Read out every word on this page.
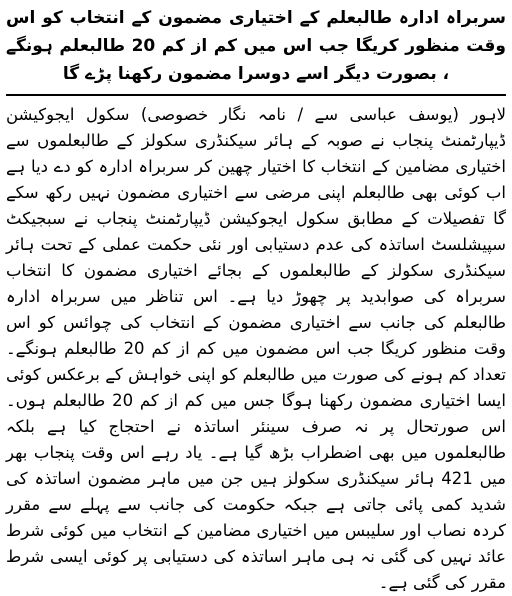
سربراہ ادارہ طالبعلم کے اختیاری مضمون کے انتخاب کو اس وقت منظور کریگا جب اس میں کم از کم 20 طالبعلم ہونگے ، بصورت دیگر اسے دوسرا مضمون رکھنا پڑے گا

لاہور (یوسف عباسی سے / نامہ نگار خصوصی) سکول ایجوکیشن ڈیپارٹمنٹ پنجاب نے صوبہ کے ہائر سیکنڈری سکولز کے طالبعلموں سے اختیاری مضامین کے انتخاب کا اختیار چھین کر سربراہ ادارہ کو دے دیا ہے اب کوئی بھی طالبعلم اپنی مرضی سے اختیاری مضمون نہیں رکھ سکے گا تفصیلات کے مطابق سکول ایجوکیشن ڈیپارٹمنٹ پنجاب نے سبجیکٹ سپیشلسٹ اساتذہ کی عدم دستیابی اور نئی حکمت عملی کے تحت ہائر سیکنڈری سکولز کے طالبعلموں کے بجائے اختیاری مضمون کا انتخاب سربراہ کی صوابدید پر چھوڑ دیا ہے۔ اس تناظر میں سربراہ ادارہ طالبعلم کی جانب سے اختیاری مضمون کے انتخاب کی چوائس کو اس وقت منظور کریگا جب اس مضمون میں کم از کم 20 طالبعلم ہونگے۔ تعداد کم ہونے کی صورت میں طالبعلم کو اپنی خواہش کے برعکس کوئی ایسا اختیاری مضمون رکھنا ہوگا جس میں کم از کم 20 طالبعلم ہوں۔ اس صورتحال پر نہ صرف سینئر اساتذہ نے احتجاج کیا ہے بلکہ طالبعلموں میں بھی اضطراب بڑھ گیا ہے۔ یاد رہے اس وقت پنجاب بھر میں 421 ہائر سیکنڈری سکولز ہیں جن میں ماہر مضمون اساتذہ کی شدید کمی پائی جاتی ہے جبکہ حکومت کی جانب سے پہلے سے مقرر کردہ نصاب اور سلیبس میں اختیاری مضامین کے انتخاب میں کوئی شرط عائد نہیں کی گئی نہ ہی ماہر اساتذہ کی دستیابی پر کوئی ایسی شرط مقرر کی گئی ہے۔
